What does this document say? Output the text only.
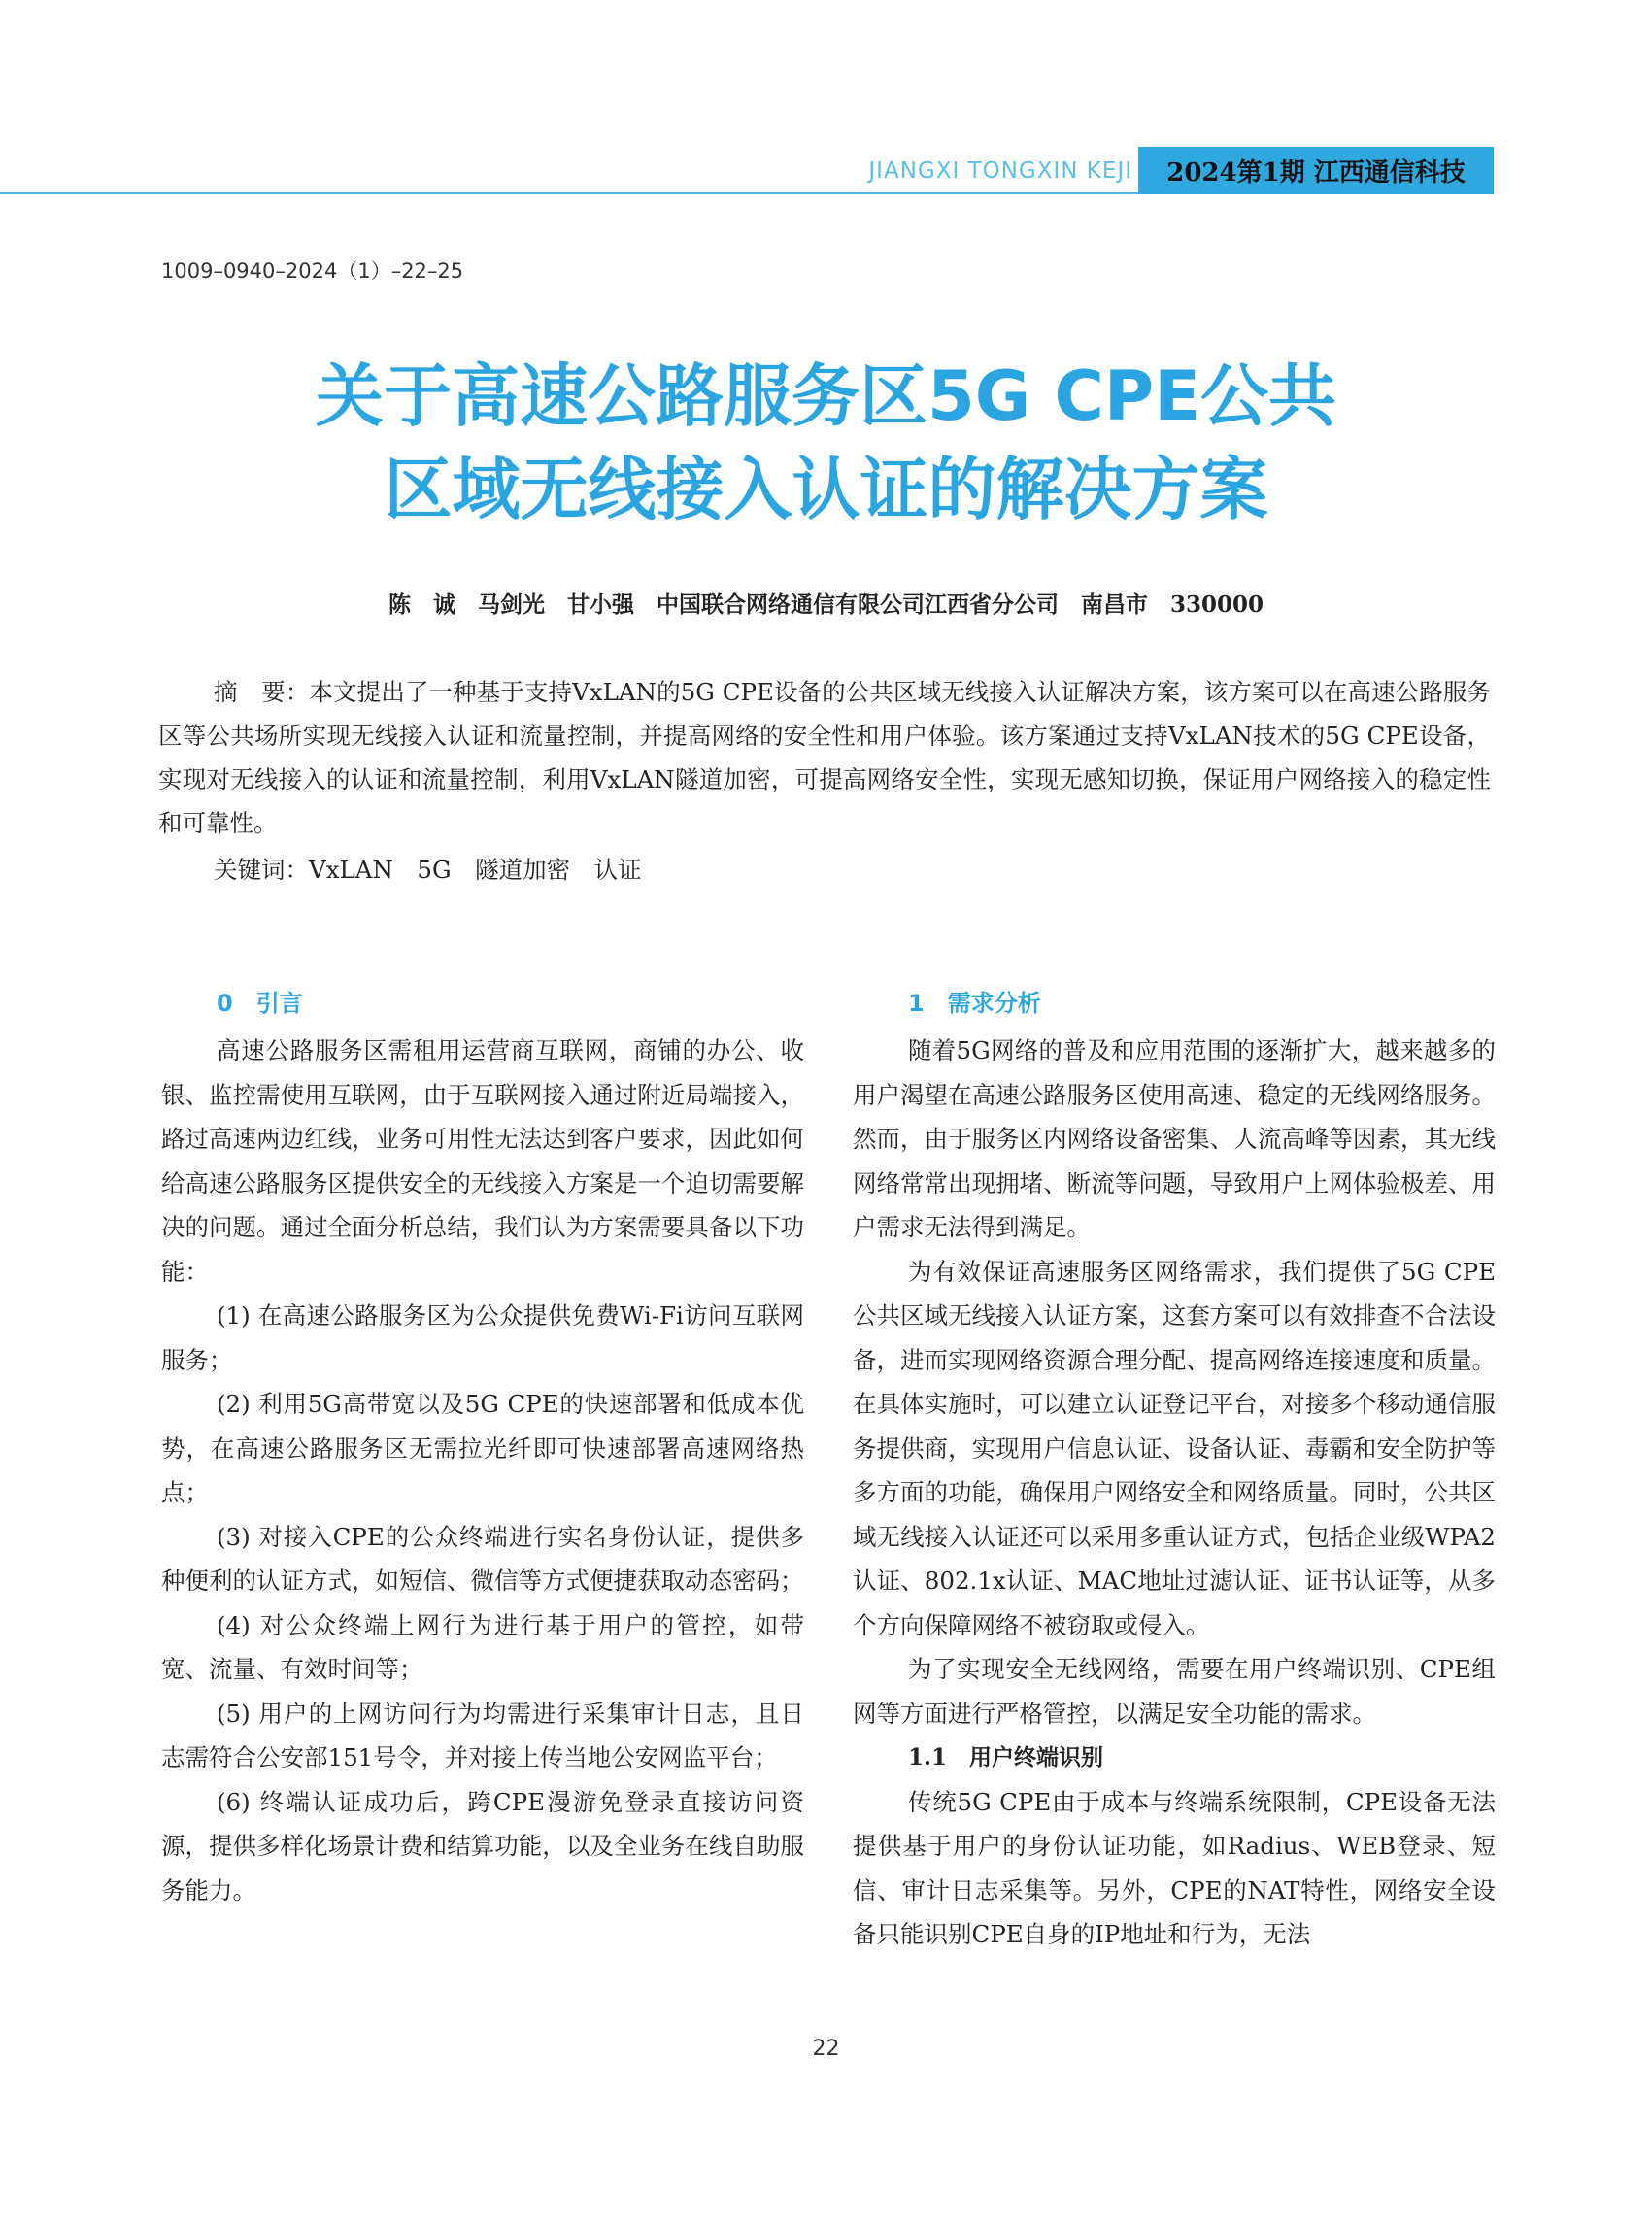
JIANGXI TONGXIN KEJI	2024第1期 江西通信科技
1009–0940–2024（1）–22–25
关于高速公路服务区5G CPE公共
区域无线接入认证的解决方案
陈　诚　马剑光　甘小强　中国联合网络通信有限公司江西省分公司　南昌市　330000

摘　要：本文提出了一种基于支持VxLAN的5G CPE设备的公共区域无线接入认证解决方案，该方案可以在高速公路服务区等公共场所实现无线接入认证和流量控制，并提高网络的安全性和用户体验。该方案通过支持VxLAN技术的5G CPE设备，实现对无线接入的认证和流量控制，利用VxLAN隧道加密，可提高网络安全性，实现无感知切换，保证用户网络接入的稳定性和可靠性。

关键词：VxLAN　5G　隧道加密　认证
0　引言

高速公路服务区需租用运营商互联网，商铺的办公、收银、监控需使用互联网，由于互联网接入通过附近局端接入，路过高速两边红线，业务可用性无法达到客户要求，因此如何给高速公路服务区提供安全的无线接入方案是一个迫切需要解决的问题。通过全面分析总结，我们认为方案需要具备以下功能：

(1) 在高速公路服务区为公众提供免费Wi-Fi访问互联网服务；

(2) 利用5G高带宽以及5G CPE的快速部署和低成本优势，在高速公路服务区无需拉光纤即可快速部署高速网络热点；

(3) 对接入CPE的公众终端进行实名身份认证，提供多种便利的认证方式，如短信、微信等方式便捷获取动态密码；

(4) 对公众终端上网行为进行基于用户的管控，如带宽、流量、有效时间等；

(5) 用户的上网访问行为均需进行采集审计日志，且日志需符合公安部151号令，并对接上传当地公安网监平台；

(6) 终端认证成功后，跨CPE漫游免登录直接访问资源，提供多样化场景计费和结算功能，以及全业务在线自助服务能力。

1　需求分析

随着5G网络的普及和应用范围的逐渐扩大，越来越多的用户渴望在高速公路服务区使用高速、稳定的无线网络服务。然而，由于服务区内网络设备密集、人流高峰等因素，其无线网络常常出现拥堵、断流等问题，导致用户上网体验极差、用户需求无法得到满足。

为有效保证高速服务区网络需求，我们提供了5G CPE公共区域无线接入认证方案，这套方案可以有效排查不合法设备，进而实现网络资源合理分配、提高网络连接速度和质量。在具体实施时，可以建立认证登记平台，对接多个移动通信服务提供商，实现用户信息认证、设备认证、毒霸和安全防护等多方面的功能，确保用户网络安全和网络质量。同时，公共区域无线接入认证还可以采用多重认证方式，包括企业级WPA2认证、802.1x认证、MAC地址过滤认证、证书认证等，从多个方向保障网络不被窃取或侵入。

为了实现安全无线网络，需要在用户终端识别、CPE组网等方面进行严格管控，以满足安全功能的需求。

1.1　用户终端识别

传统5G CPE由于成本与终端系统限制，CPE设备无法提供基于用户的身份认证功能，如Radius、WEB登录、短信、审计日志采集等。另外，CPE的NAT特性，网络安全设备只能识别CPE自身的IP地址和行为，无法

22
